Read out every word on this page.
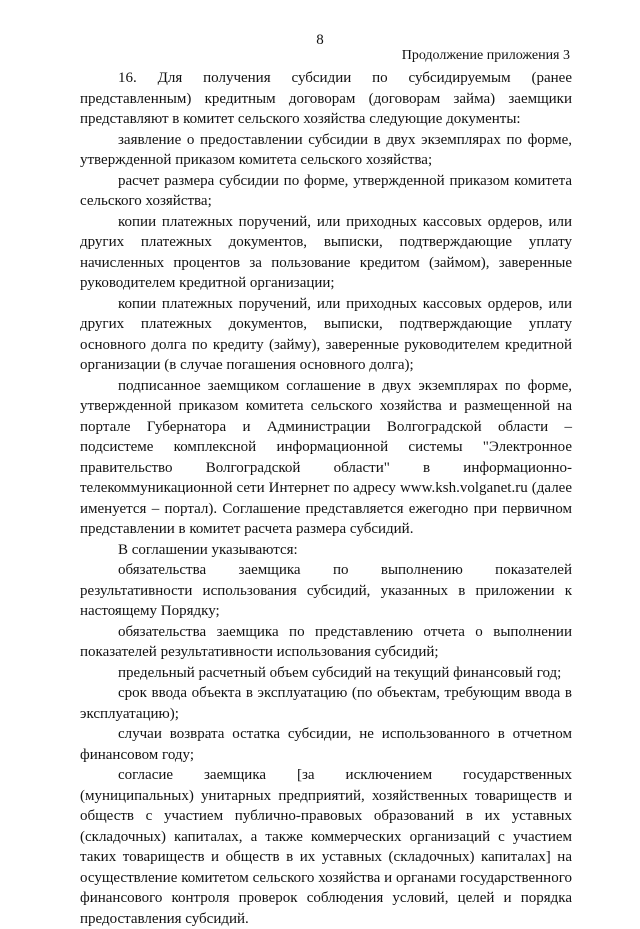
8
Продолжение приложения 3

16. Для получения субсидии по субсидируемым (ранее представленным) кредитным договорам (договорам займа) заемщики представляют в комитет сельского хозяйства следующие документы:

заявление о предоставлении субсидии в двух экземплярах по форме, утвержденной приказом комитета сельского хозяйства;

расчет размера субсидии по форме, утвержденной приказом комитета сельского хозяйства;

копии платежных поручений, или приходных кассовых ордеров, или других платежных документов, выписки, подтверждающие уплату начисленных процентов за пользование кредитом (займом), заверенные руководителем кредитной организации;

копии платежных поручений, или приходных кассовых ордеров, или других платежных документов, выписки, подтверждающие уплату основного долга по кредиту (займу), заверенные руководителем кредитной организации (в случае погашения основного долга);

подписанное заемщиком соглашение в двух экземплярах по форме, утвержденной приказом комитета сельского хозяйства и размещенной на портале Губернатора и Администрации Волгоградской области – подсистеме комплексной информационной системы "Электронное правительство Волгоградской области" в информационно-телекоммуникационной сети Интернет по адресу www.ksh.volganet.ru (далее именуется – портал). Соглашение представляется ежегодно при первичном представлении в комитет расчета размера субсидий.

В соглашении указываются:

обязательства заемщика по выполнению показателей результативности использования субсидий, указанных в приложении к настоящему Порядку;

обязательства заемщика по представлению отчета о выполнении показателей результативности использования субсидий;

предельный расчетный объем субсидий на текущий финансовый год;

срок ввода объекта в эксплуатацию (по объектам, требующим ввода в эксплуатацию);

случаи возврата остатка субсидии, не использованного в отчетном финансовом году;

согласие заемщика [за исключением государственных (муниципальных) унитарных предприятий, хозяйственных товариществ и обществ с участием публично-правовых образований в их уставных (складочных) капиталах, а также коммерческих организаций с участием таких товариществ и обществ в их уставных (складочных) капиталах] на осуществление комитетом сельского хозяйства и органами государственного финансового контроля проверок соблюдения условий, целей и порядка предоставления субсидий.
